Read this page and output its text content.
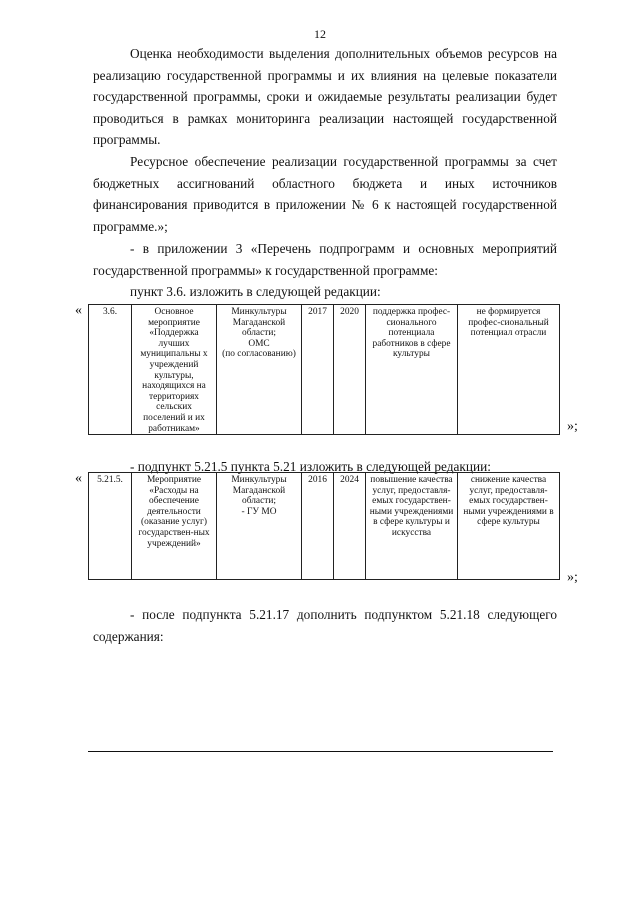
12

Оценка необходимости выделения дополнительных объемов ресурсов на реализацию государственной программы и их влияния на целевые показатели государственной программы, сроки и ожидаемые результаты реализации будет проводиться в рамках мониторинга реализации настоящей государственной программы.

Ресурсное обеспечение реализации государственной программы за счет бюджетных ассигнований областного бюджета и иных источников финансирования приводится в приложении № 6 к настоящей государственной программе.»;

- в приложении 3 «Перечень подпрограмм и основных мероприятий государственной программы» к государственной программе:

пункт 3.6. изложить в следующей редакции:

« 3.6.	Основное мероприятие «Поддержка лучших муниципальны х учреждений культуры, находящихся на территориях сельских поселений и их работникам»	Минкультуры Магаданской области;
ОМС
(по согласованию)	2017	2020	поддержка профес-сионального потенциала работников в сфере культуры	не формируется профес-сиональный потенциал отрасли
»;

- подпункт 5.21.5 пункта 5.21 изложить в следующей редакции:

« 5.21.5.	Мероприятие «Расходы на обеспечение деятельности (оказание услуг) государствен-ных учреждений»	Минкультуры Магаданской области;
- ГУ МО	2016	2024	повышение качества услуг, предоставля-емых государствен-ными учреждениями в сфере культуры и искусства	снижение качества услуг, предоставля-емых государствен-ными учреждениями в сфере культуры
»;

- после подпункта 5.21.17 дополнить подпунктом 5.21.18 следующего содержания:
